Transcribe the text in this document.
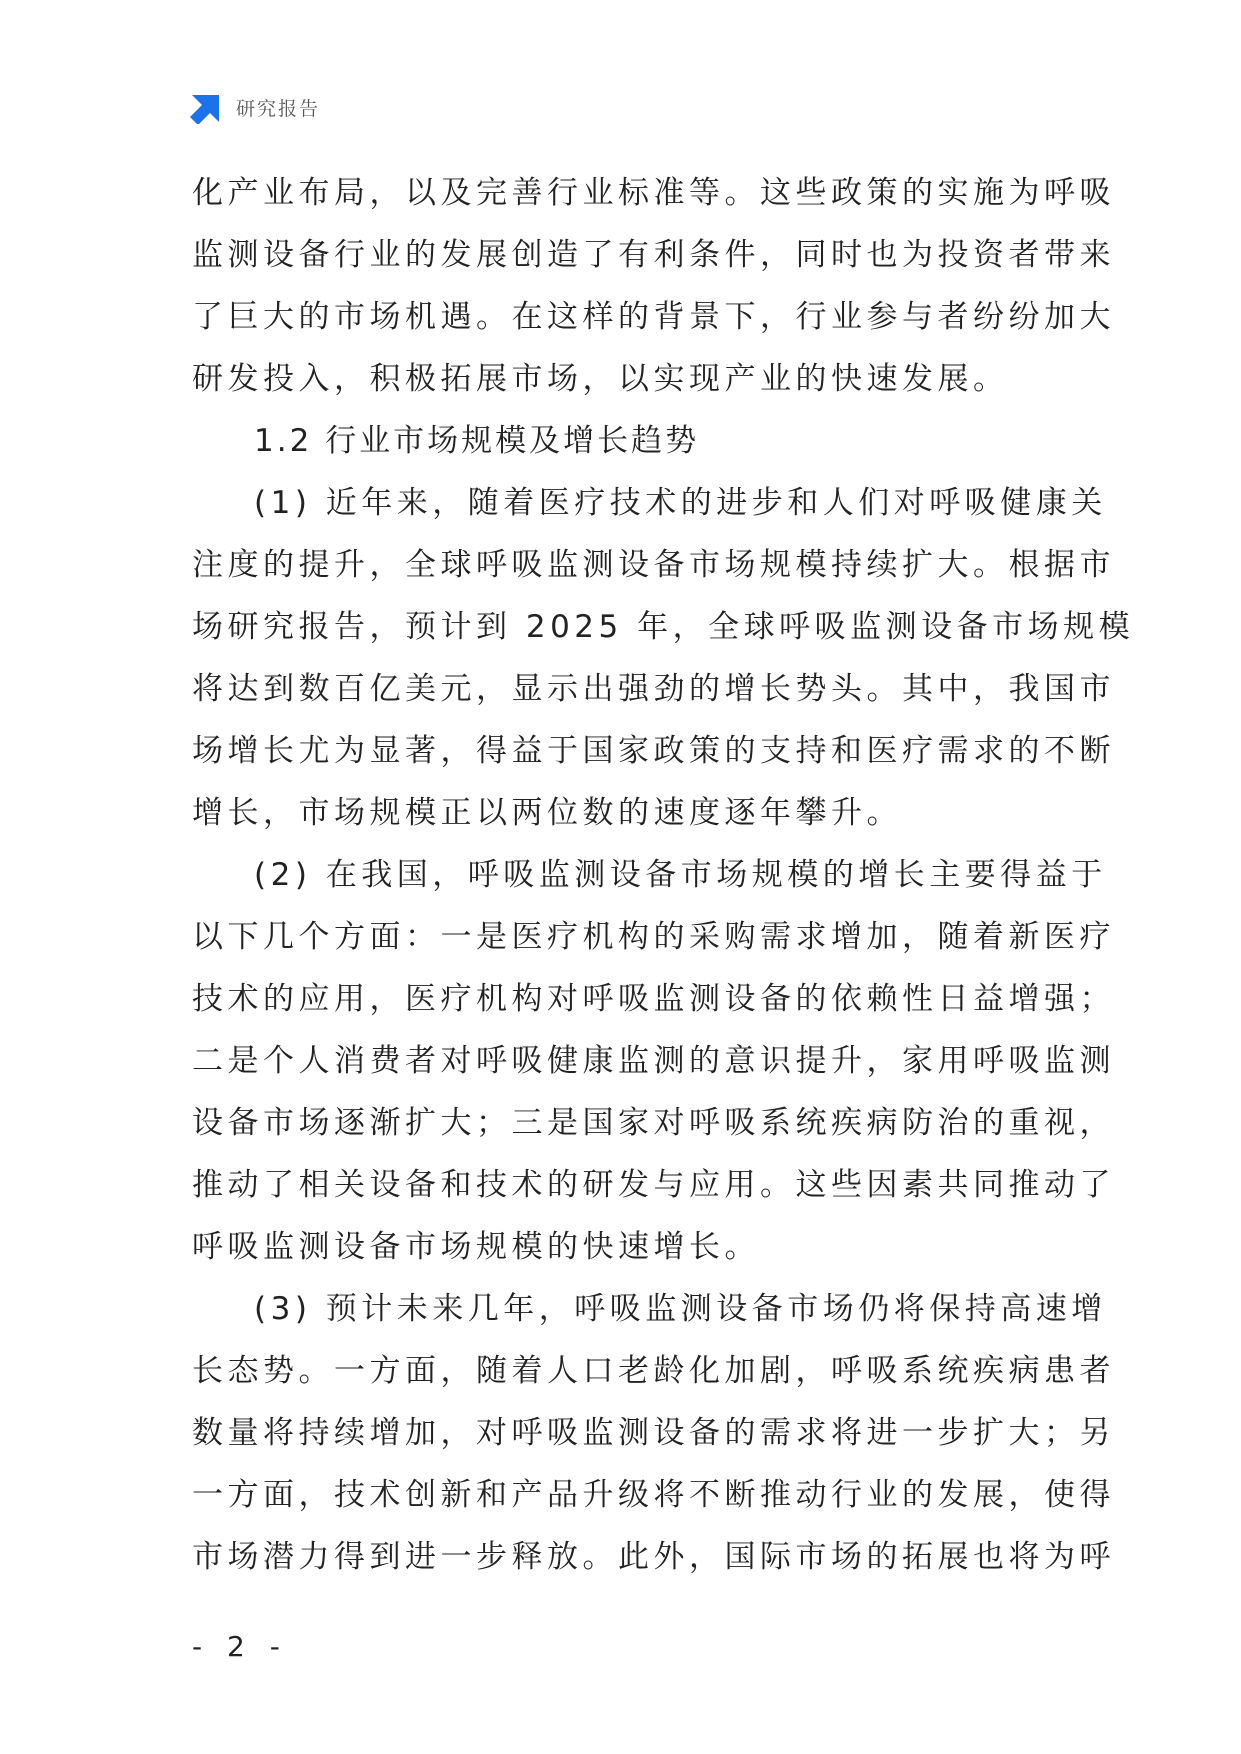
研究报告
化产业布局，以及完善行业标准等。这些政策的实施为呼吸
监测设备行业的发展创造了有利条件，同时也为投资者带来
了巨大的市场机遇。在这样的背景下，行业参与者纷纷加大
研发投入，积极拓展市场，以实现产业的快速发展。
1.2 行业市场规模及增长趋势
(1) 近年来，随着医疗技术的进步和人们对呼吸健康关
注度的提升，全球呼吸监测设备市场规模持续扩大。根据市
场研究报告，预计到 2025 年，全球呼吸监测设备市场规模
将达到数百亿美元，显示出强劲的增长势头。其中，我国市
场增长尤为显著，得益于国家政策的支持和医疗需求的不断
增长，市场规模正以两位数的速度逐年攀升。
(2) 在我国，呼吸监测设备市场规模的增长主要得益于
以下几个方面：一是医疗机构的采购需求增加，随着新医疗
技术的应用，医疗机构对呼吸监测设备的依赖性日益增强；
二是个人消费者对呼吸健康监测的意识提升，家用呼吸监测
设备市场逐渐扩大；三是国家对呼吸系统疾病防治的重视，
推动了相关设备和技术的研发与应用。这些因素共同推动了
呼吸监测设备市场规模的快速增长。
(3) 预计未来几年，呼吸监测设备市场仍将保持高速增
长态势。一方面，随着人口老龄化加剧，呼吸系统疾病患者
数量将持续增加，对呼吸监测设备的需求将进一步扩大；另
一方面，技术创新和产品升级将不断推动行业的发展，使得
市场潜力得到进一步释放。此外，国际市场的拓展也将为呼
- 2 -
